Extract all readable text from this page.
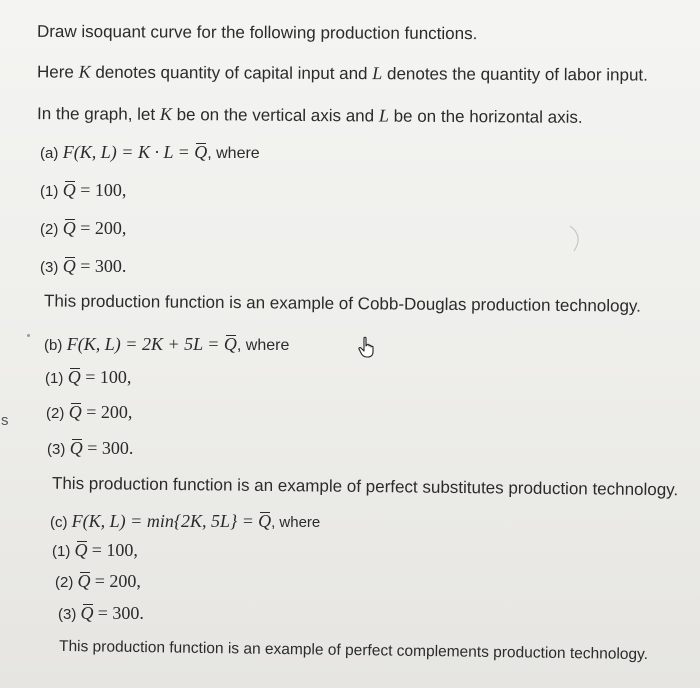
Draw isoquant curve for the following production functions.
Here K denotes quantity of capital input and L denotes the quantity of labor input.
In the graph, let K be on the vertical axis and L be on the horizontal axis.
(a) F(K, L) = K · L = Q, where
(1) Q = 100,
(2) Q = 200,
(3) Q = 300.
This production function is an example of Cobb-Douglas production technology.
(b) F(K, L) = 2K + 5L = Q, where
(1) Q = 100,
(2) Q = 200,
(3) Q = 300.
This production function is an example of perfect substitutes production technology.
(c) F(K, L) = min{2K, 5L} = Q, where
(1) Q = 100,
(2) Q = 200,
(3) Q = 300.
This production function is an example of perfect complements production technology.
s
